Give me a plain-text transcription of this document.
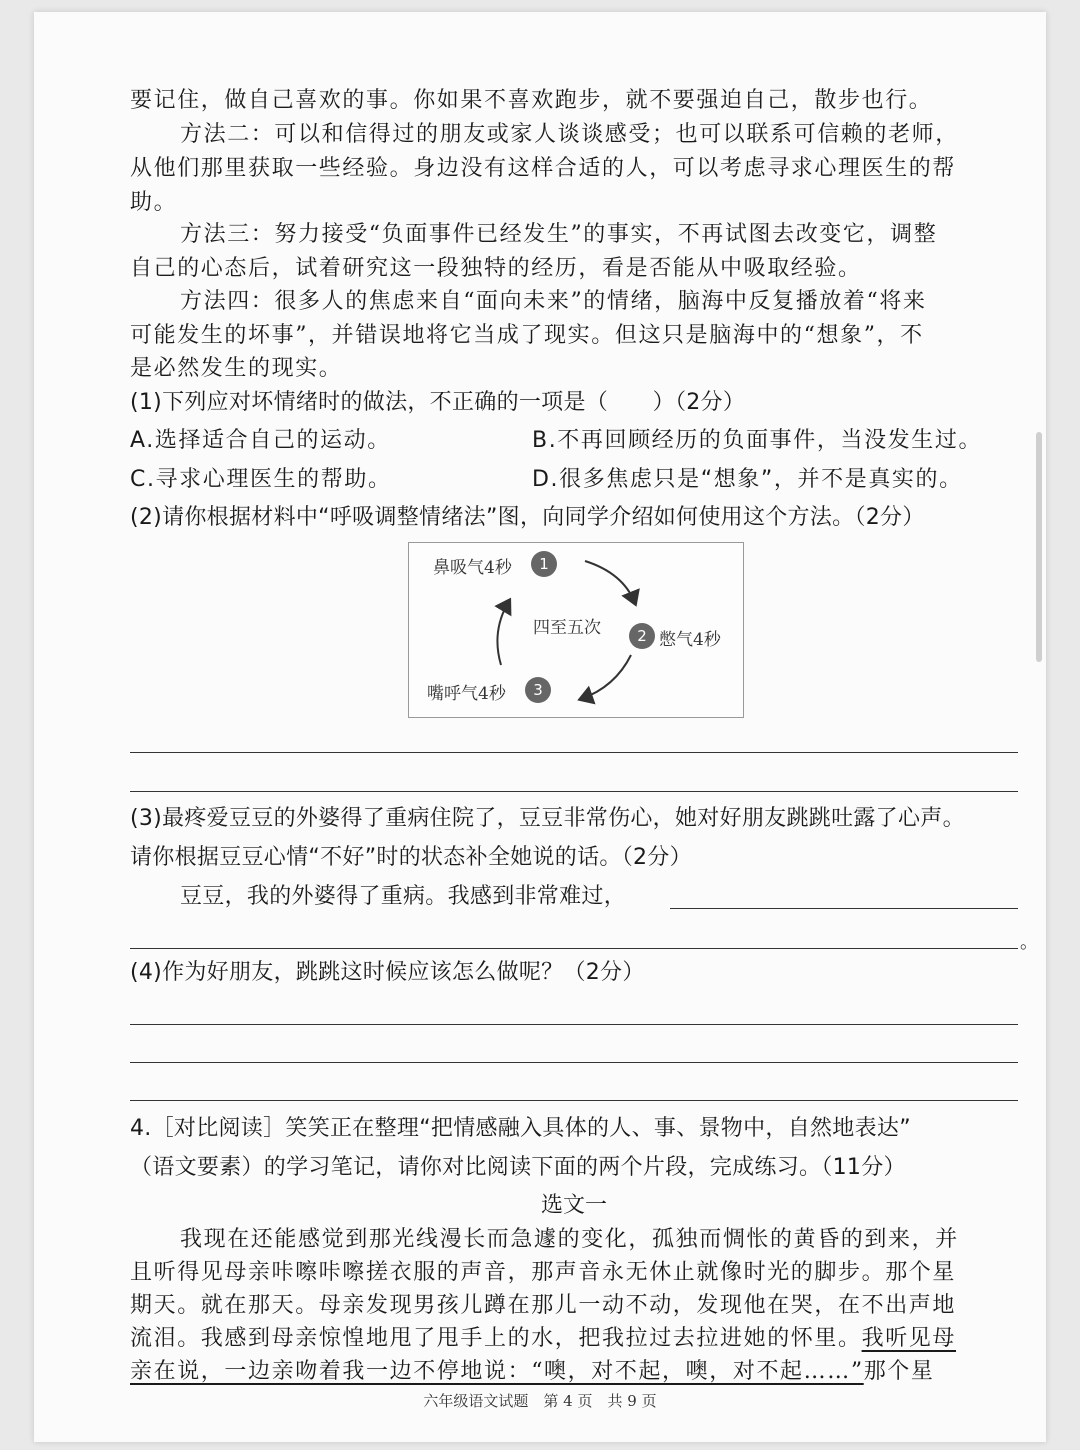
要记住，做自己喜欢的事。你如果不喜欢跑步，就不要强迫自己，散步也行。
方法二：可以和信得过的朋友或家人谈谈感受；也可以联系可信赖的老师，
从他们那里获取一些经验。身边没有这样合适的人，可以考虑寻求心理医生的帮
助。
方法三：努力接受“负面事件已经发生”的事实，不再试图去改变它，调整
自己的心态后，试着研究这一段独特的经历，看是否能从中吸取经验。
方法四：很多人的焦虑来自“面向未来”的情绪，脑海中反复播放着“将来
可能发生的坏事”，并错误地将它当成了现实。但这只是脑海中的“想象”，不
是必然发生的现实。
(1)下列应对坏情绪时的做法，不正确的一项是（　　）（2分）
A.选择适合自己的运动。	B.不再回顾经历的负面事件，当没发生过。
C.寻求心理医生的帮助。	D.很多焦虑只是“想象”，并不是真实的。
(2)请你根据材料中“呼吸调整情绪法”图，向同学介绍如何使用这个方法。（2分）
鼻吸气4秒	1
四至五次	2 憋气4秒
嘴呼气4秒	3
(3)最疼爱豆豆的外婆得了重病住院了，豆豆非常伤心，她对好朋友跳跳吐露了心声。
请你根据豆豆心情“不好”时的状态补全她说的话。（2分）
豆豆，我的外婆得了重病。我感到非常难过，
。
(4)作为好朋友，跳跳这时候应该怎么做呢？（2分）
4.［对比阅读］笑笑正在整理“把情感融入具体的人、事、景物中，自然地表达”
（语文要素）的学习笔记，请你对比阅读下面的两个片段，完成练习。（11分）
选文一
我现在还能感觉到那光线漫长而急遽的变化，孤独而惆怅的黄昏的到来，并
且听得见母亲咔嚓咔嚓搓衣服的声音，那声音永无休止就像时光的脚步。那个星
期天。就在那天。母亲发现男孩儿蹲在那儿一动不动，发现他在哭，在不出声地
流泪。我感到母亲惊惶地甩了甩手上的水，把我拉过去拉进她的怀里。我听见母
亲在说，一边亲吻着我一边不停地说：“噢，对不起，噢，对不起……”那个星
六年级语文试题　第 4 页　共 9 页
